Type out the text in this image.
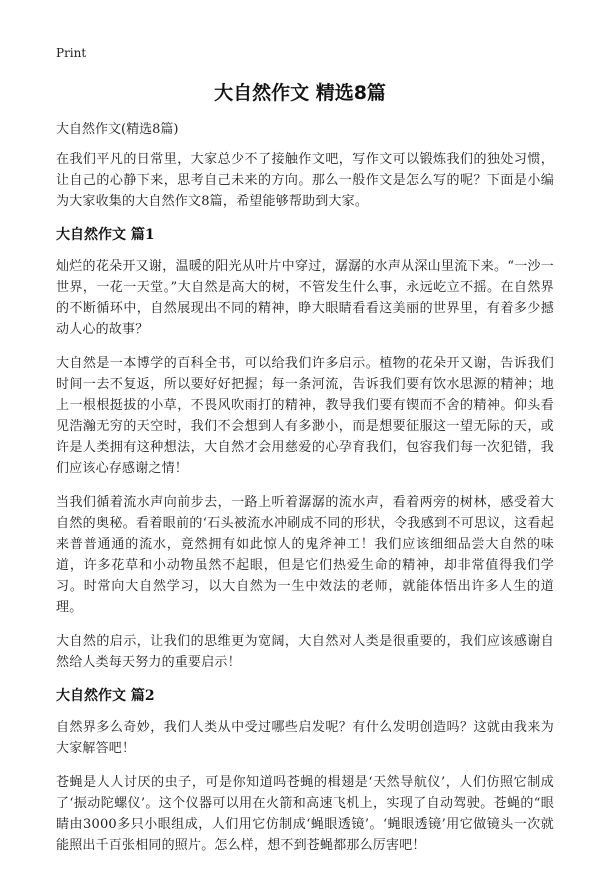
Print
大自然作文 精选8篇
大自然作文(精选8篇)

在我们平凡的日常里，大家总少不了接触作文吧，写作文可以锻炼我们的独处习惯，让自己的心静下来，思考自己未来的方向。那么一般作文是怎么写的呢？下面是小编为大家收集的大自然作文8篇，希望能够帮助到大家。

大自然作文 篇1

灿烂的花朵开又谢，温暖的阳光从叶片中穿过，潺潺的水声从深山里流下来。“一沙一世界，一花一天堂。”大自然是高大的树，不管发生什么事，永远屹立不摇。在自然界的不断循环中，自然展现出不同的精神，睁大眼睛看看这美丽的世界里，有着多少撼动人心的故事？

大自然是一本博学的百科全书，可以给我们许多启示。植物的花朵开又谢，告诉我们时间一去不复返，所以要好好把握；每一条河流，告诉我们要有饮水思源的精神；地上一根根挺拔的小草，不畏风吹雨打的精神，教导我们要有锲而不舍的精神。仰头看见浩瀚无穷的天空时，我们不会想到人有多渺小，而是想要征服这一望无际的天，或许是人类拥有这种想法，大自然才会用慈爱的心孕育我们，包容我们每一次犯错，我们应该心存感谢之情！

当我们循着流水声向前步去，一路上听着潺潺的流水声，看着两旁的树林，感受着大自然的奥秘。看着眼前的‘石头被流水冲刷成不同的形状，令我感到不可思议，这看起来普普通通的流水，竟然拥有如此惊人的鬼斧神工！我们应该细细品尝大自然的味道，许多花草和小动物虽然不起眼，但是它们热爱生命的精神，却非常值得我们学习。时常向大自然学习，以大自然为一生中效法的老师，就能体悟出许多人生的道理。

大自然的启示，让我们的思维更为宽阔，大自然对人类是很重要的，我们应该感谢自然给人类每天努力的重要启示！

大自然作文 篇2

自然界多么奇妙，我们人类从中受过哪些启发呢？有什么发明创造吗？这就由我来为大家解答吧！

苍蝇是人人讨厌的虫子，可是你知道吗苍蝇的楫翅是‘天然导航仪’，人们仿照它制成了‘振动陀螺仪’。这个仪器可以用在火箭和高速飞机上，实现了自动驾驶。苍蝇的“眼睛由3000多只小眼组成，人们用它仿制成‘蝇眼透镜’。‘蝇眼透镜’用它做镜头一次就能照出千百张相同的照片。怎么样，想不到苍蝇都那么厉害吧！
